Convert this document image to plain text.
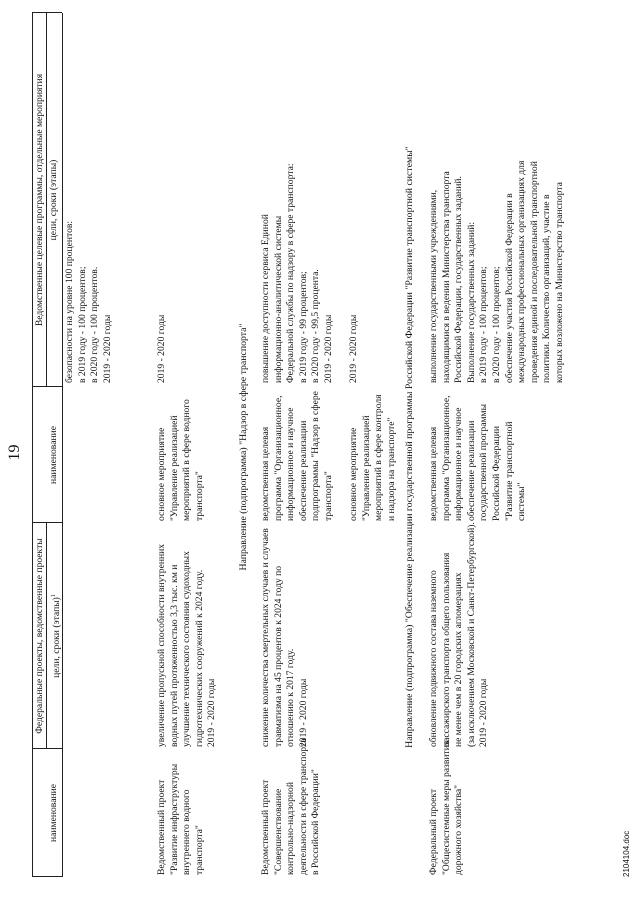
19
Федеральные проекты, ведомственные проекты
Ведомственные целевые программы, отдельные мероприятия
наименование
цели, сроки (этапы)$^1$
наименование
цели, сроки (этапы)
безопасности на уровне 100 процентов: в 2019 году - 100 процентов; в 2020 году - 100 процентов. 2019 - 2020 годы
Ведомственный проект "Развитие инфраструктуры внутреннего водного транспорта"
увеличение пропускной способности внутренних водных путей протяженностью 3,3 тыс. км и улучшение технического состояния судоходных гидротехнических сооружений к 2024 году. 2019 - 2020 годы
основное мероприятие "Управление реализацией мероприятий в сфере водного транспорта"
2019 - 2020 годы	Направление (подпрограмма) "Надзор в сфере транспорта"
Ведомственный проект "Совершенствование контрольно-надзорной деятельности в сфере транспорта в Российской Федерации"
снижение количества смертельных случаев и случаев травматизма на 45 процентов к 2024 году по отношению к 2017 году. 2019 - 2020 годы
ведомственная целевая программа "Организационное, информационное и научное обеспечение реализации подпрограммы "Надзор в сфере транспорта"
основное мероприятие "Управление реализацией мероприятий в сфере контроля и надзора на транспорте"
повышение доступности сервиса Единой информационно-аналитической системы Федеральной службы по надзору в сфере транспорта: в 2019 году - 99 процентов; в 2020 году - 99,5 процента. 2019 - 2020 годы
2019 - 2020 годы	Направление (подпрограмма) "Обеспечение реализации государственной программы Российской Федерации "Развитие транспортной системы"
Федеральный проект "Общесистемные меры развития дорожного хозяйства"
обновление подвижного состава наземного пассажирского транспорта общего пользования не менее чем в 20 городских агломерациях (за исключением Московской и Санкт-Петербургской). 2019 - 2020 годы
ведомственная целевая программа "Организационное, информационное и научное обеспечение реализации государственной программы Российской Федерации "Развитие транспортной системы"
выполнение государственными учреждениями, находящимися в ведении Министерства транспорта Российской Федерации, государственных заданий. Выполнение государственных заданий: в 2019 году - 100 процентов; в 2020 году - 100 процентов; обеспечение участия Российской Федерации в международных профессиональных организациях для проведения единой и последовательной транспортной политики. Количество организаций, участие в которых возложено на Министерство транспорта
2104104.doc
